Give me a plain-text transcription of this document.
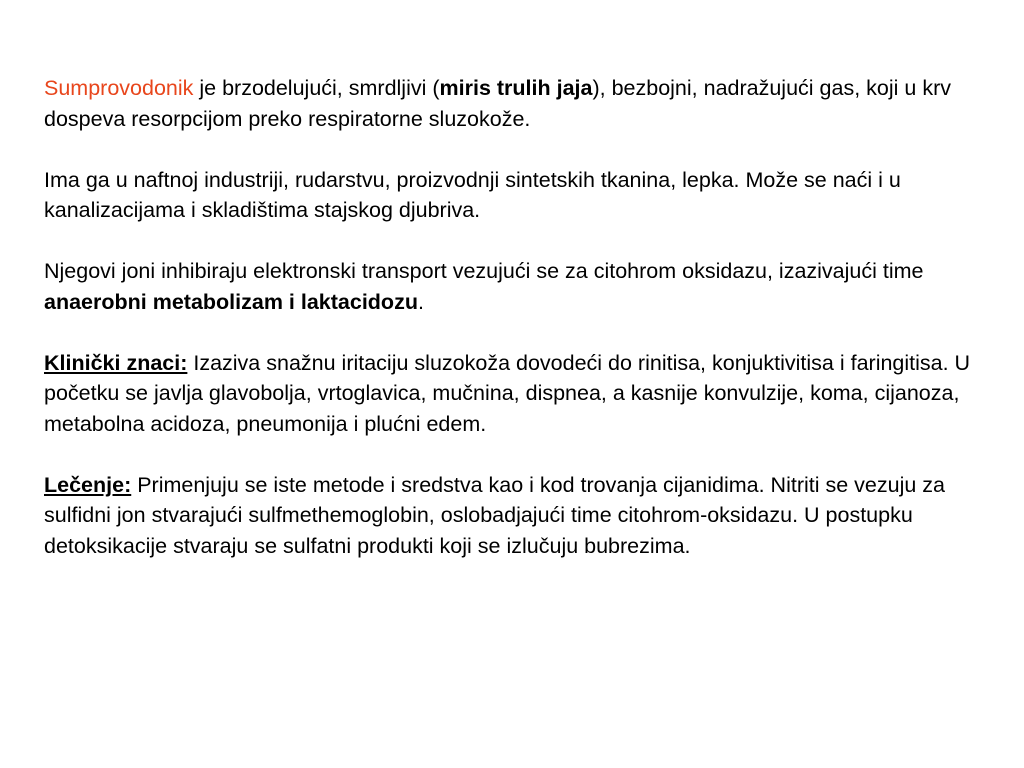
Sumprovodonik je brzodelujući, smrdljivi (miris trulih jaja), bezbojni, nadražujući gas, koji u krv dospeva resorpcijom preko respiratorne sluzokože.

Ima ga u naftnoj industriji, rudarstvu, proizvodnji sintetskih tkanina, lepka. Može se naći i u kanalizacijama i skladištima stajskog djubriva.

Njegovi joni inhibiraju elektronski transport vezujući se za citohrom oksidazu, izazivajući time anaerobni metabolizam i laktacidozu.

Klinički znaci: Izaziva snažnu iritaciju sluzokoža dovodeći do rinitisa, konjuktivitisa i faringitisa. U početku se javlja glavobolja, vrtoglavica, mučnina, dispnea, a kasnije konvulzije, koma, cijanoza, metabolna acidoza, pneumonija i plućni edem.

Lečenje: Primenjuju se iste metode i sredstva kao i kod trovanja cijanidima. Nitriti se vezuju za sulfidni jon stvarajući sulfmethemoglobin, oslobadjajući time citohrom-oksidazu. U postupku detoksikacije stvaraju se sulfatni produkti koji se izlučuju bubrezima.
